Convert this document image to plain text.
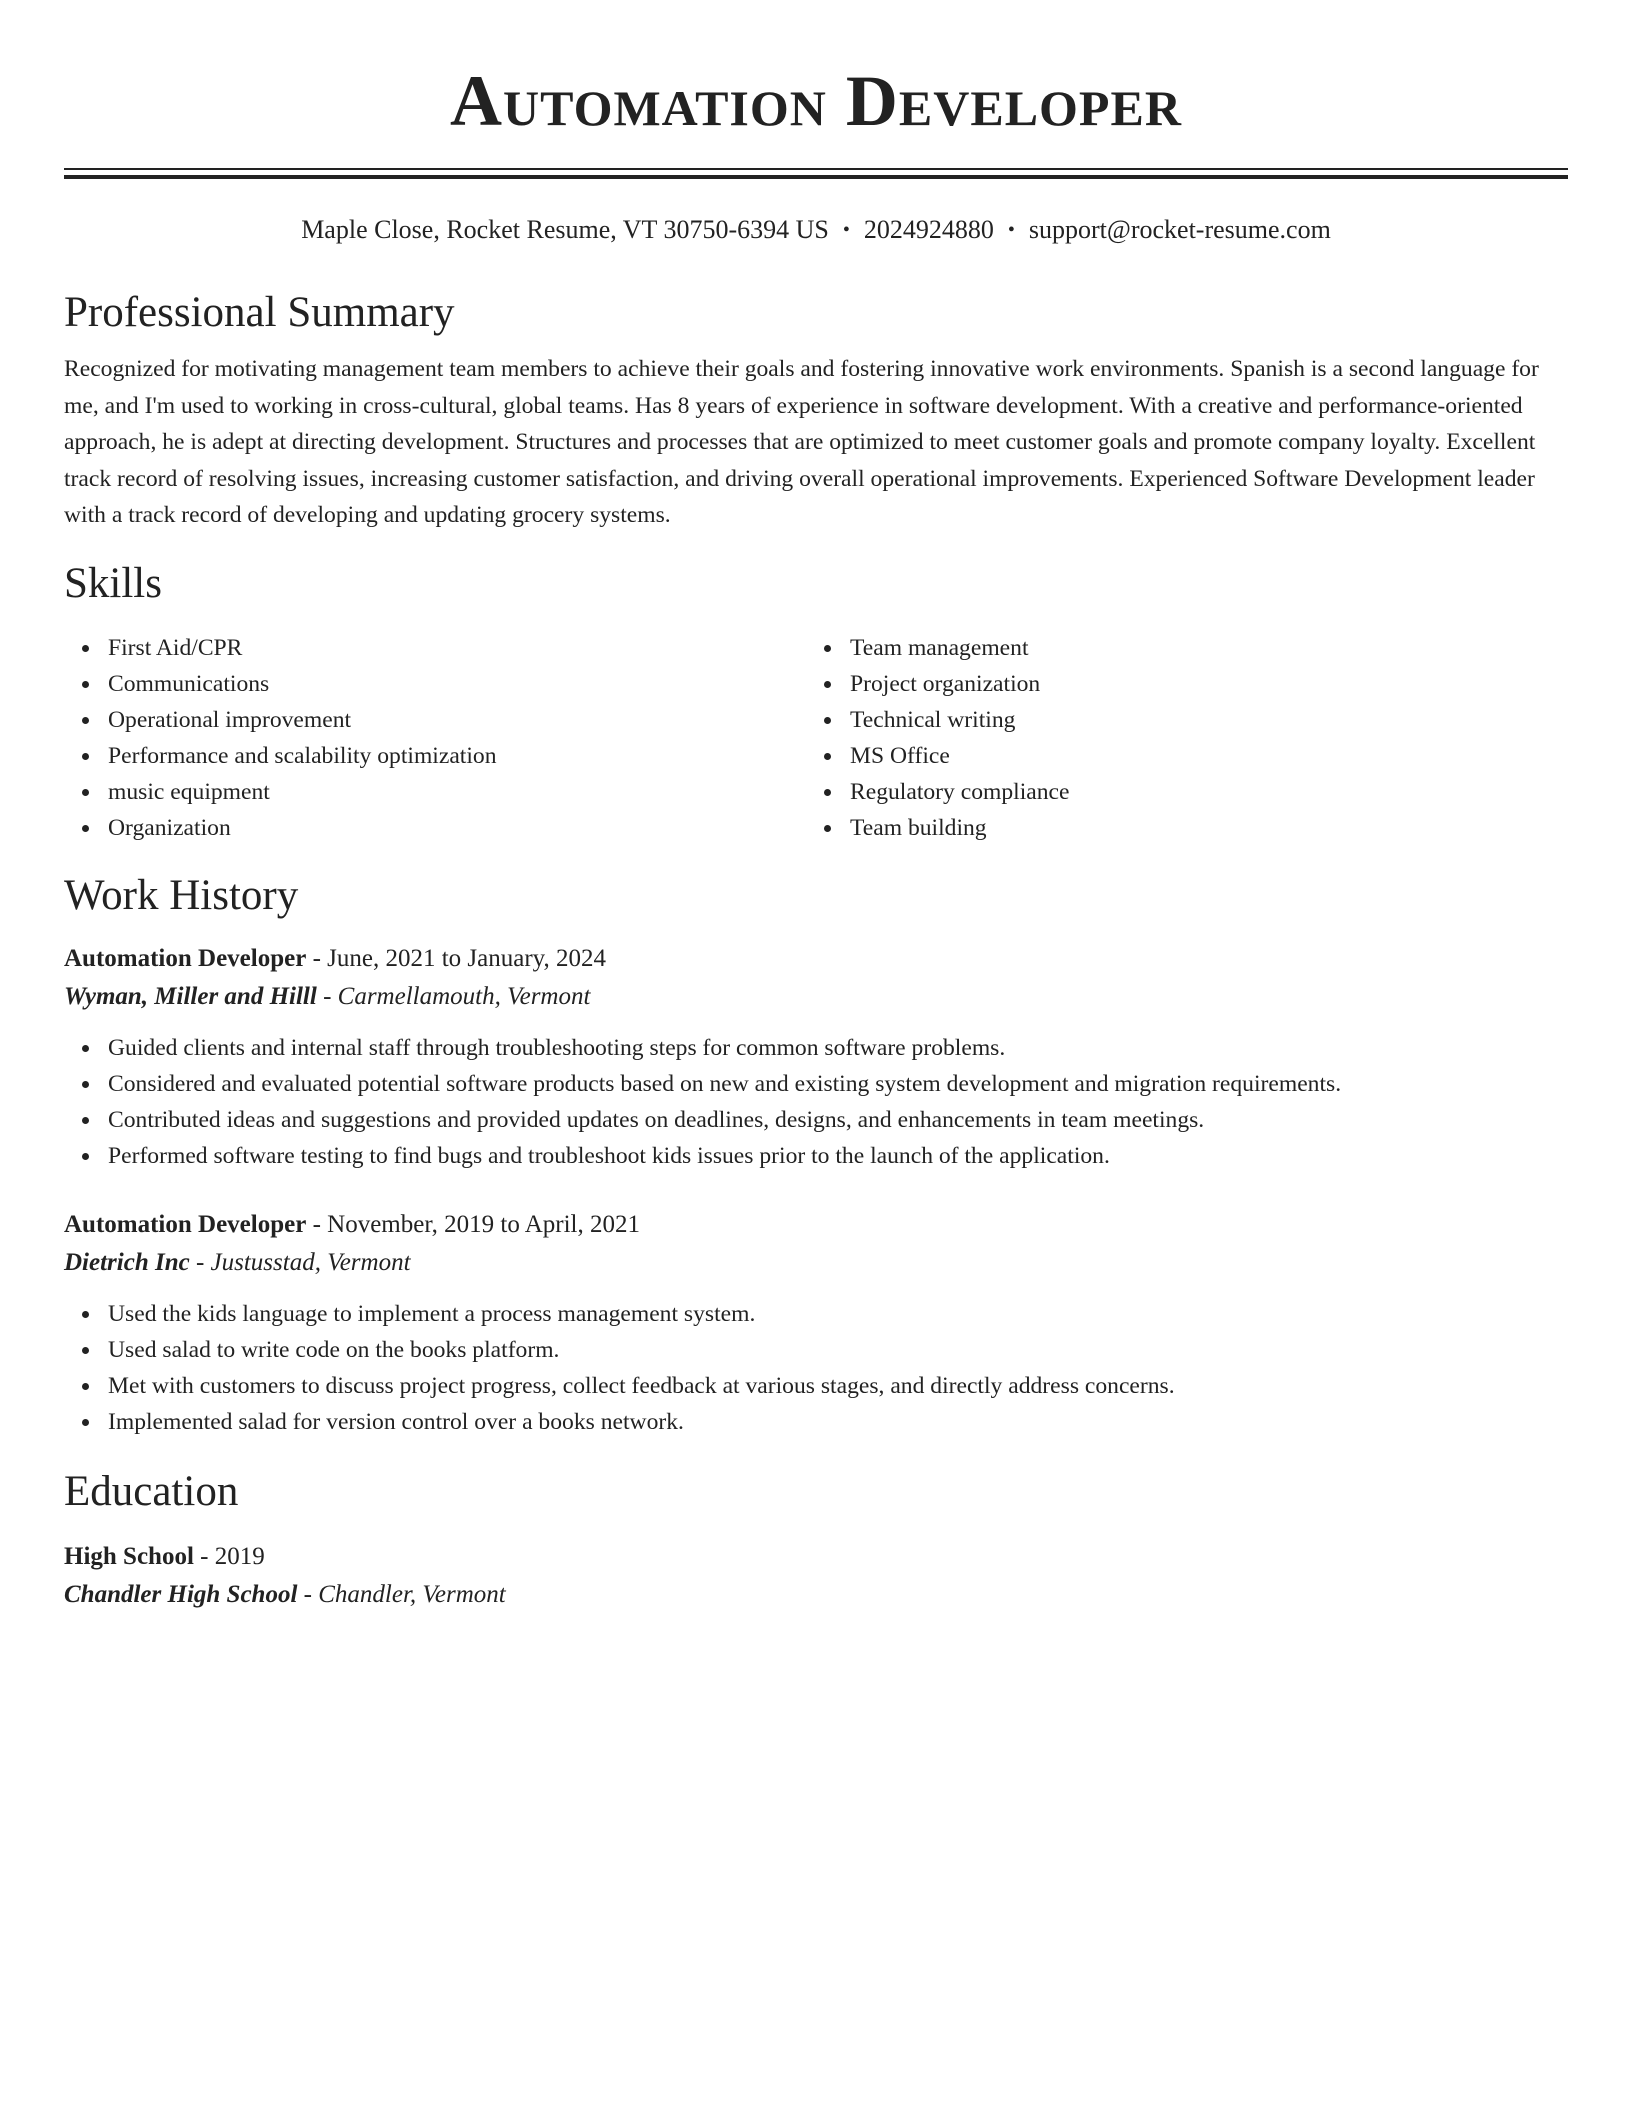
Automation Developer
Maple Close, Rocket Resume, VT 30750-6394 US • 2024924880 • support@rocket-resume.com
Professional Summary
Recognized for motivating management team members to achieve their goals and fostering innovative work environments. Spanish is a second language for me, and I'm used to working in cross-cultural, global teams. Has 8 years of experience in software development. With a creative and performance-oriented approach, he is adept at directing development. Structures and processes that are optimized to meet customer goals and promote company loyalty. Excellent track record of resolving issues, increasing customer satisfaction, and driving overall operational improvements. Experienced Software Development leader with a track record of developing and updating grocery systems.
Skills
First Aid/CPR
Communications
Operational improvement
Performance and scalability optimization
music equipment
Organization
Team management
Project organization
Technical writing
MS Office
Regulatory compliance
Team building
Work History
Automation Developer - June, 2021 to January, 2024
Wyman, Miller and Hilll - Carmellamouth, Vermont
Guided clients and internal staff through troubleshooting steps for common software problems.
Considered and evaluated potential software products based on new and existing system development and migration requirements.
Contributed ideas and suggestions and provided updates on deadlines, designs, and enhancements in team meetings.
Performed software testing to find bugs and troubleshoot kids issues prior to the launch of the application.
Automation Developer - November, 2019 to April, 2021
Dietrich Inc - Justusstad, Vermont
Used the kids language to implement a process management system.
Used salad to write code on the books platform.
Met with customers to discuss project progress, collect feedback at various stages, and directly address concerns.
Implemented salad for version control over a books network.
Education
High School - 2019
Chandler High School - Chandler, Vermont
